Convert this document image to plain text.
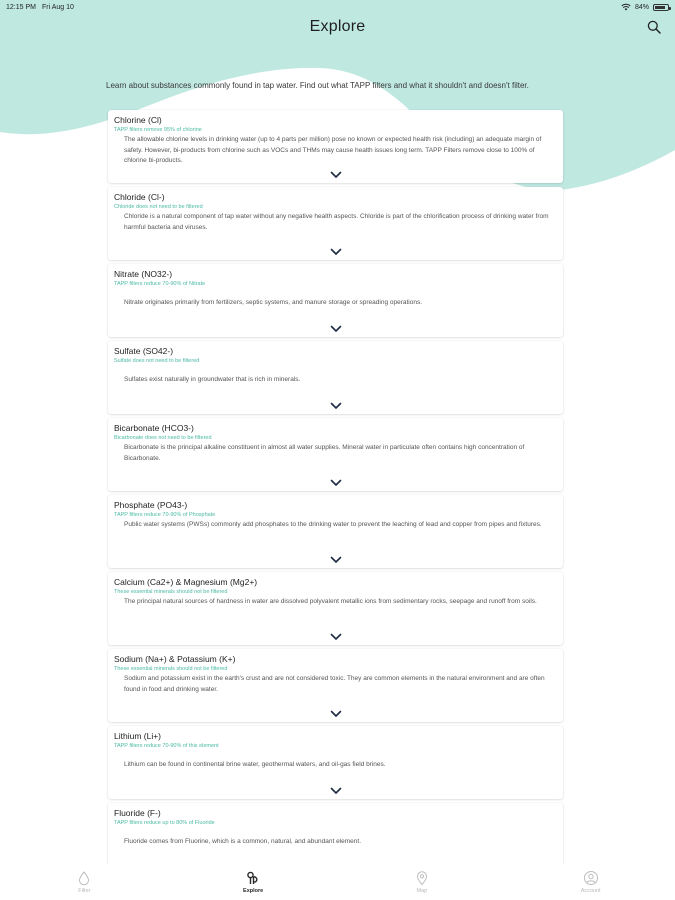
12:15 PM Fri Aug 10	84%
Explore
Learn about substances commonly found in tap water. Find out what TAPP filters and what it shouldn't and doesn't filter.
Chlorine (Cl)
TAPP filters remove 95% of chlorine
The allowable chlorine levels in drinking water (up to 4 parts per million) pose no known or expected health risk (including) an adequate margin of safety. However, bi-products from chlorine such as VOCs and THMs may cause health issues long term. TAPP Filters remove close to 100% of chlorine bi-products.
Chloride (Cl-)
Chloride does not need to be filtered
Chloride is a natural component of tap water without any negative health aspects. Chloride is part of the chlorification process of drinking water from harmful bacteria and viruses.
Nitrate (NO32-)
TAPP filters reduce 70-90% of Nitrate
Nitrate originates primarily from fertilizers, septic systems, and manure storage or spreading operations.
Sulfate (SO42-)
Sulfate does not need to be filtered
Sulfates exist naturally in groundwater that is rich in minerals.
Bicarbonate (HCO3-)
Bicarbonate does not need to be filtered
Bicarbonate is the principal alkaline constituent in almost all water supplies. Mineral water in particulate often contains high concentration of Bicarbonate.
Phosphate (PO43-)
TAPP filters reduce 70-90% of Phosphate
Public water systems (PWSs) commonly add phosphates to the drinking water to prevent the leaching of lead and copper from pipes and fixtures.
Calcium (Ca2+) & Magnesium (Mg2+)
These essential minerals should not be filtered
The principal natural sources of hardness in water are dissolved polyvalent metallic ions from sedimentary rocks, seepage and runoff from soils.
Sodium (Na+) & Potassium (K+)
These essential minerals should not be filtered
Sodium and potassium exist in the earth's crust and are not considered toxic. They are common elements in the natural environment and are often found in food and drinking water.
Lithium (Li+)
TAPP filters reduce 70-90% of this element
Lithium can be found in continental brine water, geothermal waters, and oil-gas field brines.
Fluoride (F-)
TAPP filters reduce up to 80% of Fluoride
Fluoride comes from Fluorine, which is a common, natural, and abundant element.
Filter	Explore	Map	Account
